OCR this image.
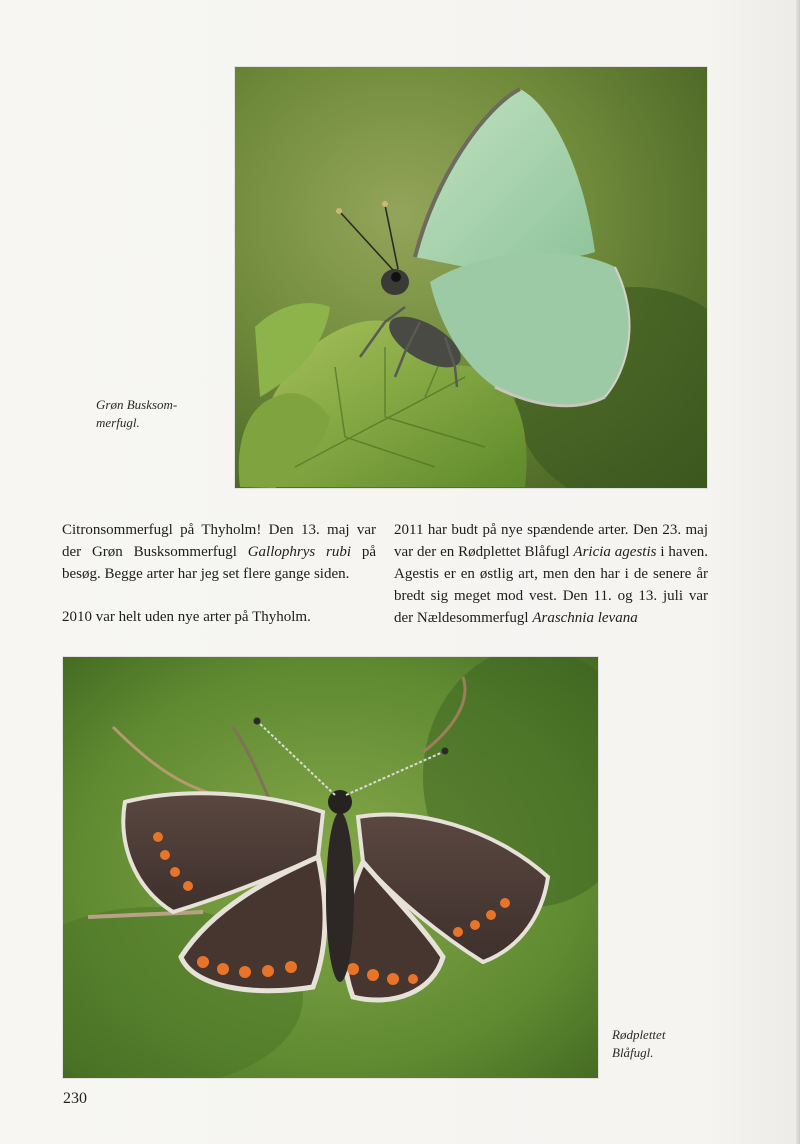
Grøn Busksom-
merfugl.

Citronsommerfugl på Thyholm! Den 13. maj var der Grøn Busksommerfugl Gallophrys rubi på besøg. Begge arter har jeg set flere gange siden.

2010 var helt uden nye arter på Thyholm.

2011 har budt på nye spændende arter. Den 23. maj var der en Rødplettet Blåfugl Aricia agestis i haven. Agestis er en østlig art, men den har i de senere år bredt sig meget mod vest. Den 11. og 13. juli var der Nældesommerfugl Araschnia levana

Rødplettet
Blåfugl.
230
